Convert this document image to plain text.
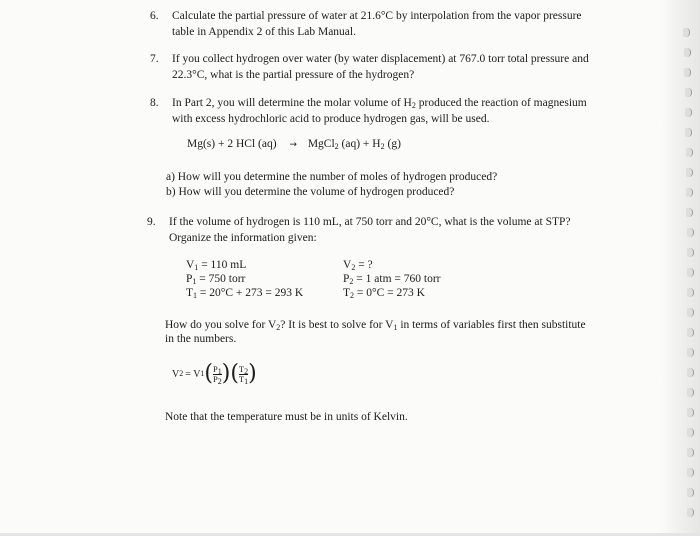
6. Calculate the partial pressure of water at 21.6°C by interpolation from the vapor pressure
table in Appendix 2 of this Lab Manual.
7. If you collect hydrogen over water (by water displacement) at 767.0 torr total pressure and
22.3°C, what is the partial pressure of the hydrogen?
8. In Part 2, you will determine the molar volume of $H_2$ produced the reaction of magnesium
with excess hydrochloric acid to produce hydrogen gas, will be used.
Mg(s) + 2 HCl (aq) → MgCl$_2$ $(aq) + H_2$ (g)
a) How will you determine the number of moles of hydrogen produced?
b) How will you determine the volume of hydrogen produced?
9. If the volume of hydrogen is 110 mL, at 750 torr and 20°C, what is the volume at STP?
Organize the information given:
$V_1 = 110$ mL
$P_1 = 750$ torr
$T_1 = 20^\circ C + 273 = 293$ K
$V_2$ = ?
$P_2 = 1$ atm = 760 torr
$T_2 = 0^\circ C = 273$ K
How do you solve for $V_2$? It is best to solve for $V_1$ in terms of variables first then substitute
in the numbers.
V 2 = V 1 ( $\frac{P_1}{P_2}$ )( $\frac{T_2}{T_1}$ )
Note that the temperature must be in units of Kelvin.
